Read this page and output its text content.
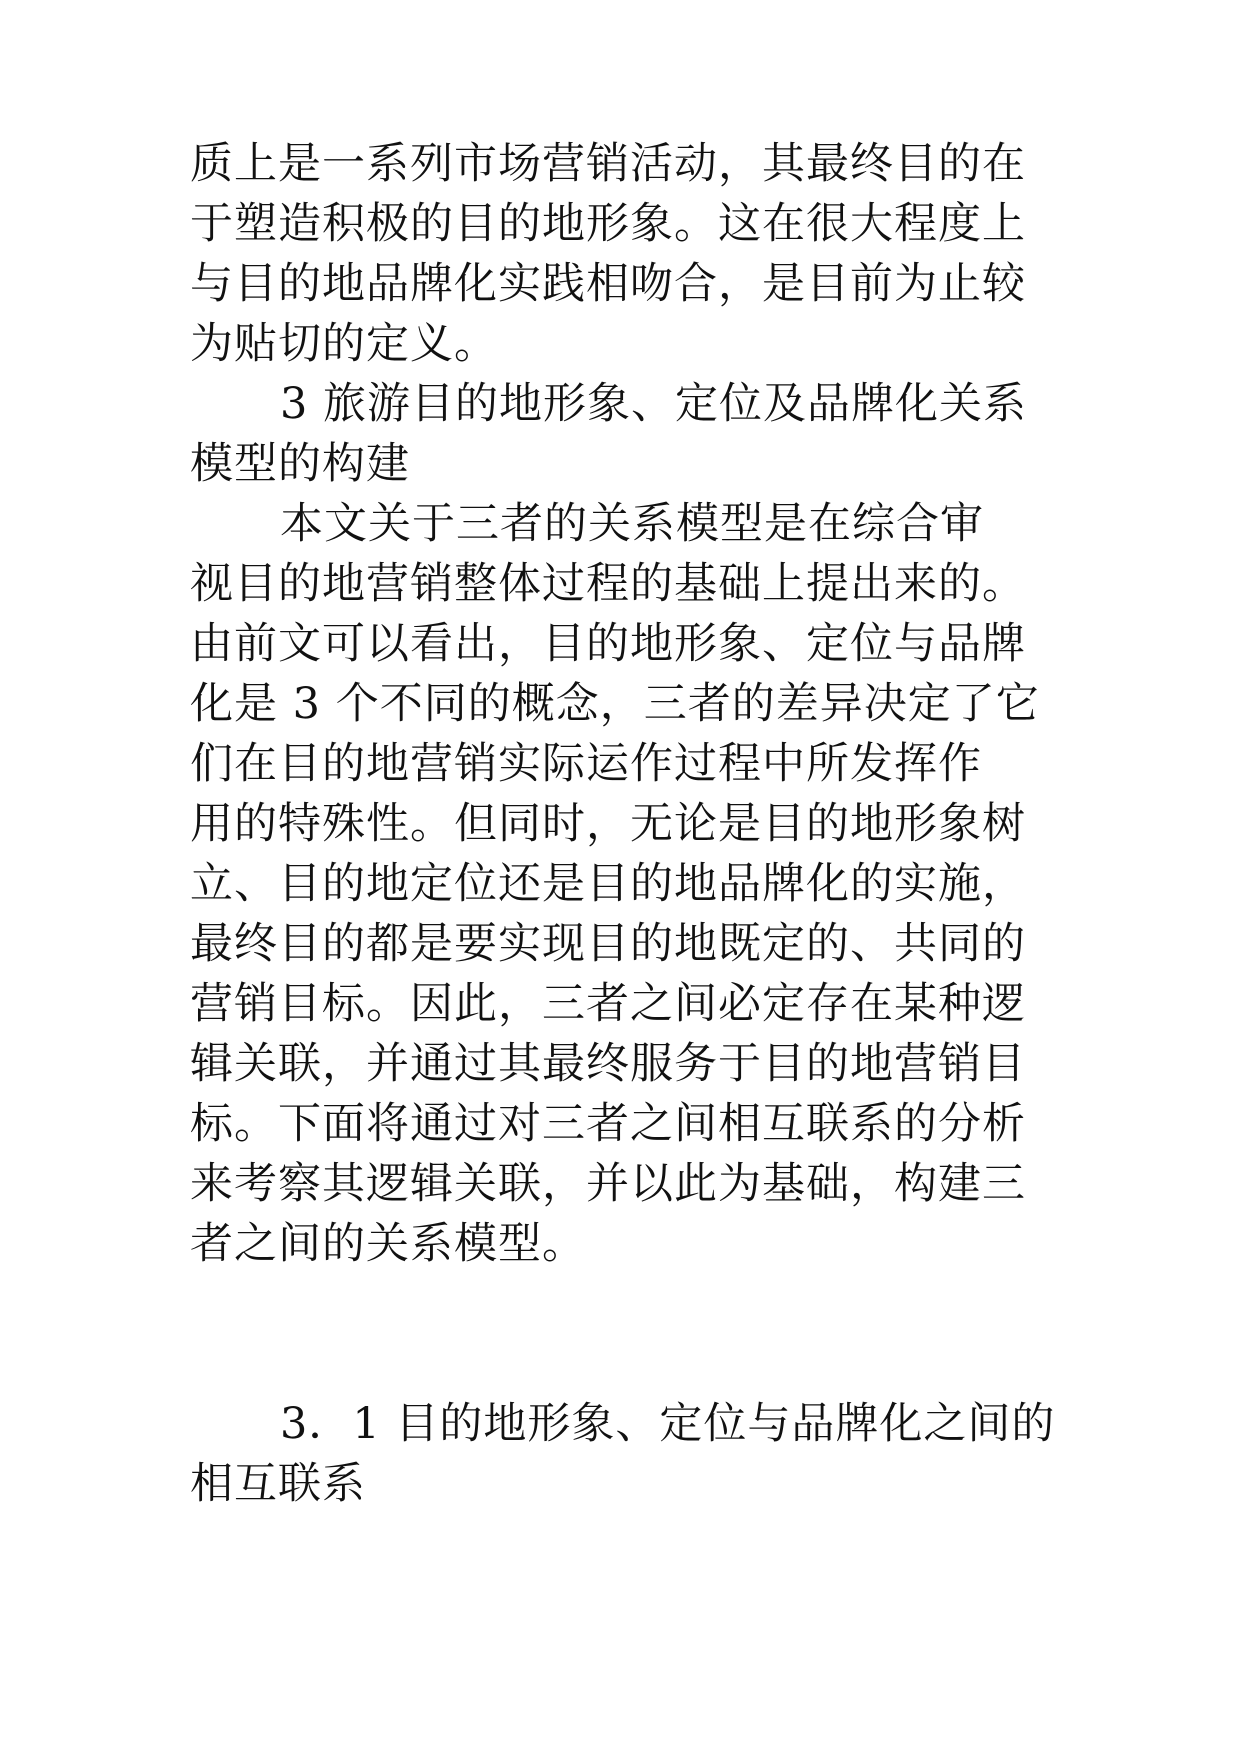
质上是一系列市场营销活动，其最终目的在
于塑造积极的目的地形象。这在很大程度上
与目的地品牌化实践相吻合，是目前为止较
为贴切的定义。
3 旅游目的地形象、定位及品牌化关系
模型的构建
本文关于三者的关系模型是在综合审
视目的地营销整体过程的基础上提出来的。
由前文可以看出，目的地形象、定位与品牌
化是 3 个不同的概念，三者的差异决定了它
们在目的地营销实际运作过程中所发挥作
用的特殊性。但同时，无论是目的地形象树
立、目的地定位还是目的地品牌化的实施，
最终目的都是要实现目的地既定的、共同的
营销目标。因此，三者之间必定存在某种逻
辑关联，并通过其最终服务于目的地营销目
标。下面将通过对三者之间相互联系的分析
来考察其逻辑关联，并以此为基础，构建三
者之间的关系模型。
3．1 目的地形象、定位与品牌化之间的
相互联系
